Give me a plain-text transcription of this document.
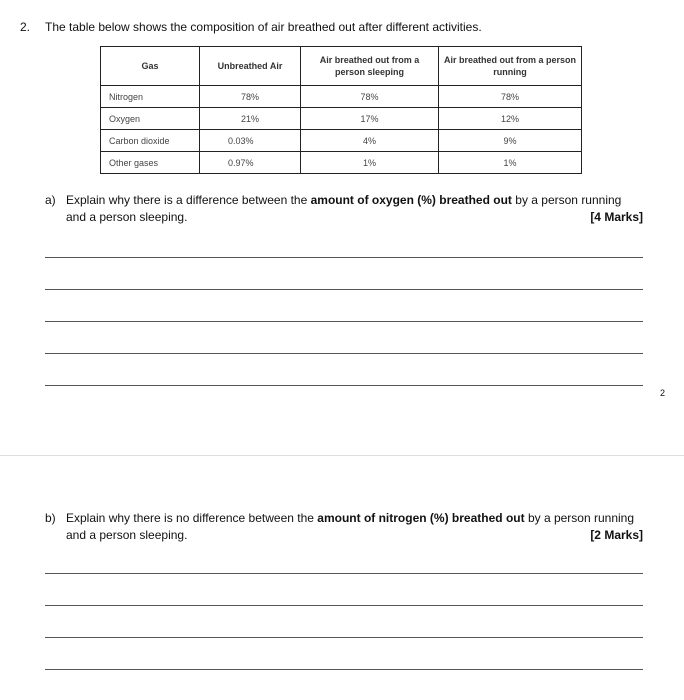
2. The table below shows the composition of air breathed out after different activities.
Gas	Unbreathed Air	Air breathed out from a person sleeping	Air breathed out from a person running
Nitrogen	78%	78%	78%
Oxygen	21%	17%	12%
Carbon dioxide	0.03%	4%	9%
Other gases	0.97%	1%	1%
a) Explain why there is a difference between the amount of oxygen (%) breathed out by a person running and a person sleeping.	[4 Marks]
2
b) Explain why there is no difference between the amount of nitrogen (%) breathed out by a person running and a person sleeping.	[2 Marks]
